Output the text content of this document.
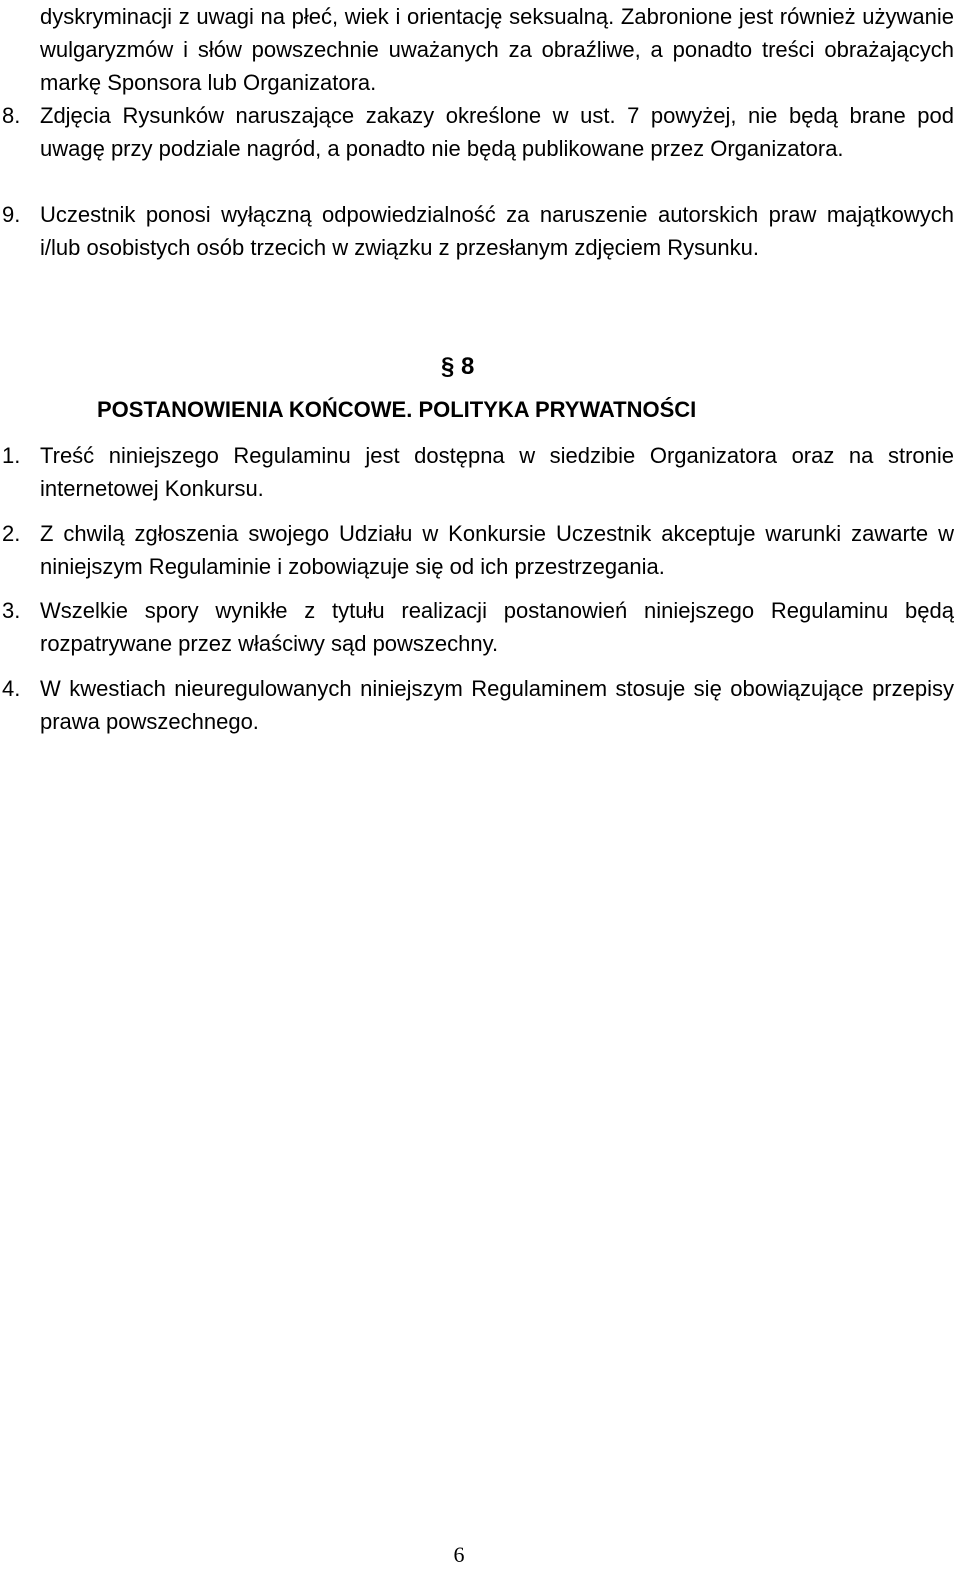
dyskryminacji z uwagi na płeć, wiek i orientację seksualną. Zabronione jest również używanie wulgaryzmów i słów powszechnie uważanych za obraźliwe, a ponadto treści obrażających markę Sponsora lub Organizatora.
8. Zdjęcia Rysunków naruszające zakazy określone w ust. 7 powyżej, nie będą brane pod uwagę przy podziale nagród, a ponadto nie będą publikowane przez Organizatora.
9. Uczestnik ponosi wyłączną odpowiedzialność za naruszenie autorskich praw majątkowych i/lub osobistych osób trzecich w związku z przesłanym zdjęciem Rysunku.
§ 8
POSTANOWIENIA KOŃCOWE. POLITYKA PRYWATNOŚCI
1. Treść niniejszego Regulaminu jest dostępna w siedzibie Organizatora oraz na stronie internetowej Konkursu.
2. Z chwilą zgłoszenia swojego Udziału w Konkursie Uczestnik akceptuje warunki zawarte w niniejszym Regulaminie i zobowiązuje się od ich przestrzegania.
3. Wszelkie spory wynikłe z tytułu realizacji postanowień niniejszego Regulaminu będą rozpatrywane przez właściwy sąd powszechny.
4. W kwestiach nieuregulowanych niniejszym Regulaminem stosuje się obowiązujące przepisy prawa powszechnego.
6
